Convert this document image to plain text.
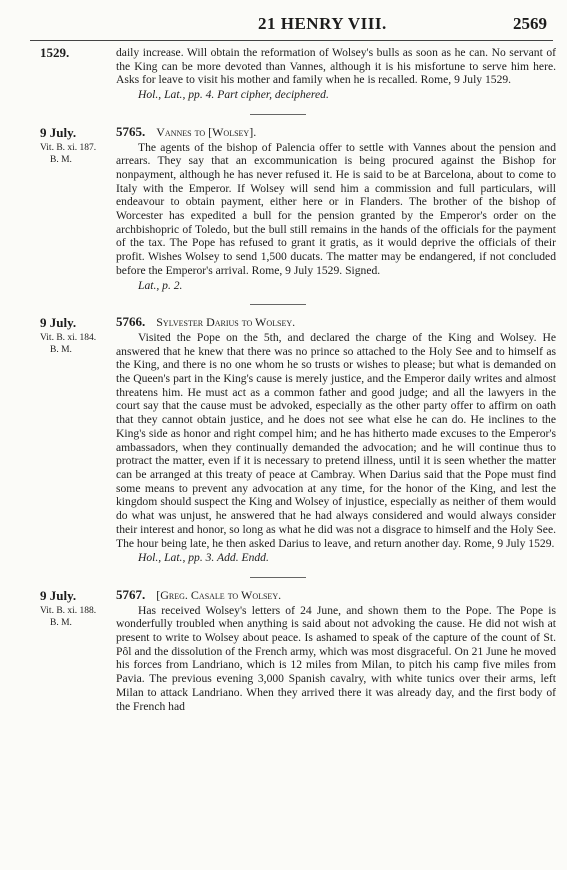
21 HENRY VIII.	2569
1529.	daily increase. Will obtain the reformation of Wolsey's bulls as soon as he can. No servant of the King can be more devoted than Vannes, although it is his misfortune to serve him here. Asks for leave to visit his mother and family when he is recalled. Rome, 9 July 1529.

Hol., Lat., pp. 4. Part cipher, deciphered.
9 July.
Vit. B. xi. 187.
B. M.
5765. Vannes to [Wolsey].

The agents of the bishop of Palencia offer to settle with Vannes about the pension and arrears. They say that an excommunication is being procured against the Bishop for nonpayment, although he has never refused it. He is said to be at Barcelona, about to come to Italy with the Emperor. If Wolsey will send him a commission and full particulars, will endeavour to obtain payment, either here or in Flanders. The brother of the bishop of Worcester has expedited a bull for the pension granted by the Emperor's order on the archbishopric of Toledo, but the bull still remains in the hands of the officials for the payment of the tax. The Pope has refused to grant it gratis, as it would deprive the officials of their profit. Wishes Wolsey to send 1,500 ducats. The matter may be endangered, if not concluded before the Emperor's arrival. Rome, 9 July 1529. Signed.

Lat., p. 2.
9 July.
Vit. B. xi. 184.
B. M.
5766. Sylvester Darius to Wolsey.

Visited the Pope on the 5th, and declared the charge of the King and Wolsey. He answered that he knew that there was no prince so attached to the Holy See and to himself as the King, and there is no one whom he so trusts or wishes to please; but what is demanded on the Queen's part in the King's cause is merely justice, and the Emperor daily writes and almost threatens him. He must act as a common father and good judge; and all the lawyers in the court say that the cause must be advoked, especially as the other party offer to affirm on oath that they cannot obtain justice, and he does not see what else he can do. He inclines to the King's side as honor and right compel him; and he has hitherto made excuses to the Emperor's ambassadors, when they continually demanded the advocation; and he will continue thus to protract the matter, even if it is necessary to pretend illness, until it is seen whether the matter can be arranged at this treaty of peace at Cambray. When Darius said that the Pope must find some means to prevent any advocation at any time, for the honor of the King, and lest the kingdom should suspect the King and Wolsey of injustice, especially as neither of them would do what was unjust, he answered that he had always considered and would always consider their interest and honor, so long as what he did was not a disgrace to himself and the Holy See. The hour being late, he then asked Darius to leave, and return another day. Rome, 9 July 1529.

Hol., Lat., pp. 3. Add. Endd.
9 July.
Vit. B. xi. 188.
B. M.
5767. [Greg. Casale to Wolsey.

Has received Wolsey's letters of 24 June, and shown them to the Pope. The Pope is wonderfully troubled when anything is said about not advoking the cause. He did not wish at present to write to Wolsey about peace. Is ashamed to speak of the capture of the count of St. Pôl and the dissolution of the French army, which was most disgraceful. On 21 June he moved his forces from Landriano, which is 12 miles from Milan, to pitch his camp five miles from Pavia. The previous evening 3,000 Spanish cavalry, with white tunics over their arms, left Milan to attack Landriano. When they arrived there it was already day, and the first body of the French had
